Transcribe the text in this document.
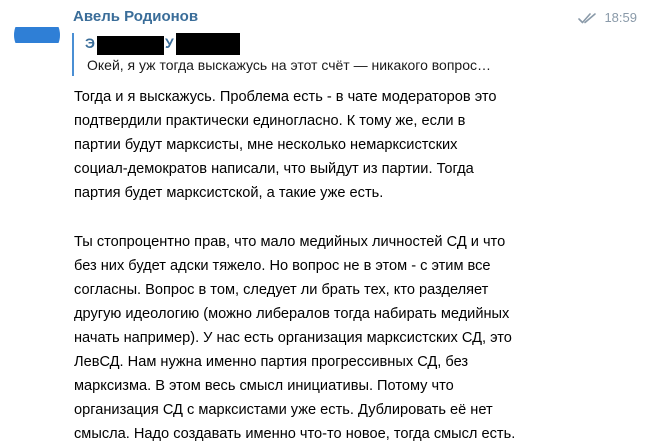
Авель Родионов	18:59
Э	У
Окей, я уж тогда выскажусь на этот счёт — никакого вопрос…

Тогда и я выскажусь. Проблема есть - в чате модераторов это

подтвердили практически единогласно. К тому же, если в

партии будут марксисты, мне несколько немарксистских

социал-демократов написали, что выйдут из партии. Тогда

партия будет марксистской, а такие уже есть.

Ты стопроцентно прав, что мало медийных личностей СД и что

без них будет адски тяжело. Но вопрос не в этом - с этим все

согласны. Вопрос в том, следует ли брать тех, кто разделяет

другую идеологию (можно либералов тогда набирать медийных

начать например). У нас есть организация марксистских СД, это

ЛевСД. Нам нужна именно партия прогрессивных СД, без

марксизма. В этом весь смысл инициативы. Потому что

организация СД с марксистами уже есть. Дублировать её нет

смысла. Надо создавать именно что-то новое, тогда смысл есть.
